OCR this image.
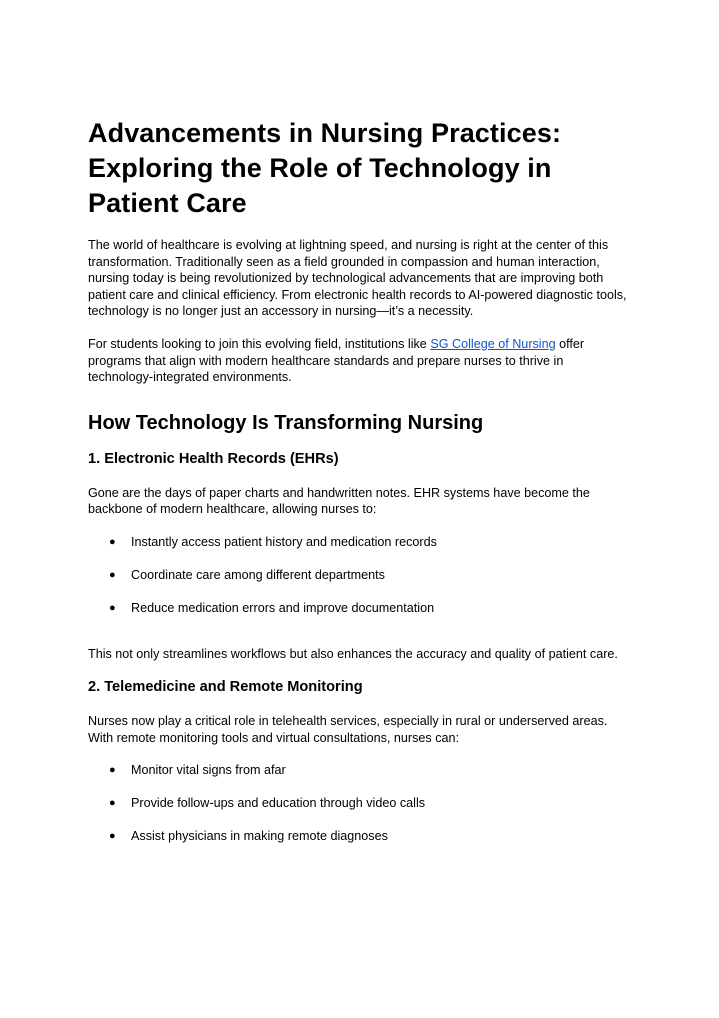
Advancements in Nursing Practices: Exploring the Role of Technology in Patient Care

The world of healthcare is evolving at lightning speed, and nursing is right at the center of this transformation. Traditionally seen as a field grounded in compassion and human interaction, nursing today is being revolutionized by technological advancements that are improving both patient care and clinical efficiency. From electronic health records to AI-powered diagnostic tools, technology is no longer just an accessory in nursing—it’s a necessity.

For students looking to join this evolving field, institutions like SG College of Nursing offer programs that align with modern healthcare standards and prepare nurses to thrive in technology-integrated environments.

How Technology Is Transforming Nursing
1. Electronic Health Records (EHRs)

Gone are the days of paper charts and handwritten notes. EHR systems have become the backbone of modern healthcare, allowing nurses to:

● Instantly access patient history and medication records
● Coordinate care among different departments
● Reduce medication errors and improve documentation

This not only streamlines workflows but also enhances the accuracy and quality of patient care.

2. Telemedicine and Remote Monitoring

Nurses now play a critical role in telehealth services, especially in rural or underserved areas. With remote monitoring tools and virtual consultations, nurses can:

● Monitor vital signs from afar
● Provide follow-ups and education through video calls
● Assist physicians in making remote diagnoses
